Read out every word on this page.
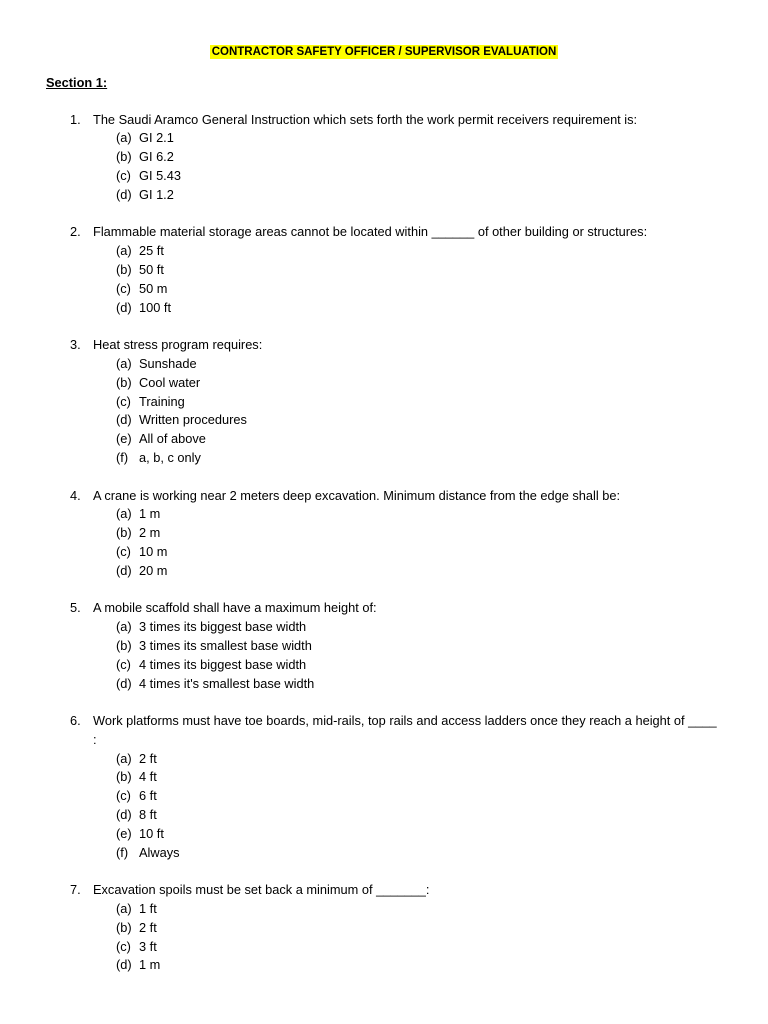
CONTRACTOR SAFETY OFFICER / SUPERVISOR EVALUATION
Section 1:
1. The Saudi Aramco General Instruction which sets forth the work permit receivers requirement is:
(a) GI 2.1
(b) GI 6.2
(c) GI 5.43
(d) GI 1.2
2. Flammable material storage areas cannot be located within ______ of other building or structures:
(a) 25 ft
(b) 50 ft
(c) 50 m
(d) 100 ft
3. Heat stress program requires:
(a) Sunshade
(b) Cool water
(c) Training
(d) Written procedures
(e) All of above
(f) a, b, c only
4. A crane is working near 2 meters deep excavation. Minimum distance from the edge shall be:
(a) 1 m
(b) 2 m
(c) 10 m
(d) 20 m
5. A mobile scaffold shall have a maximum height of:
(a) 3 times its biggest base width
(b) 3 times its smallest base width
(c) 4 times its biggest base width
(d) 4 times it's smallest base width
6. Work platforms must have toe boards, mid-rails, top rails and access ladders once they reach a height of ____
:
(a) 2 ft
(b) 4 ft
(c) 6 ft
(d) 8 ft
(e) 10 ft
(f) Always
7. Excavation spoils must be set back a minimum of _______:
(a) 1 ft
(b) 2 ft
(c) 3 ft
(d) 1 m
